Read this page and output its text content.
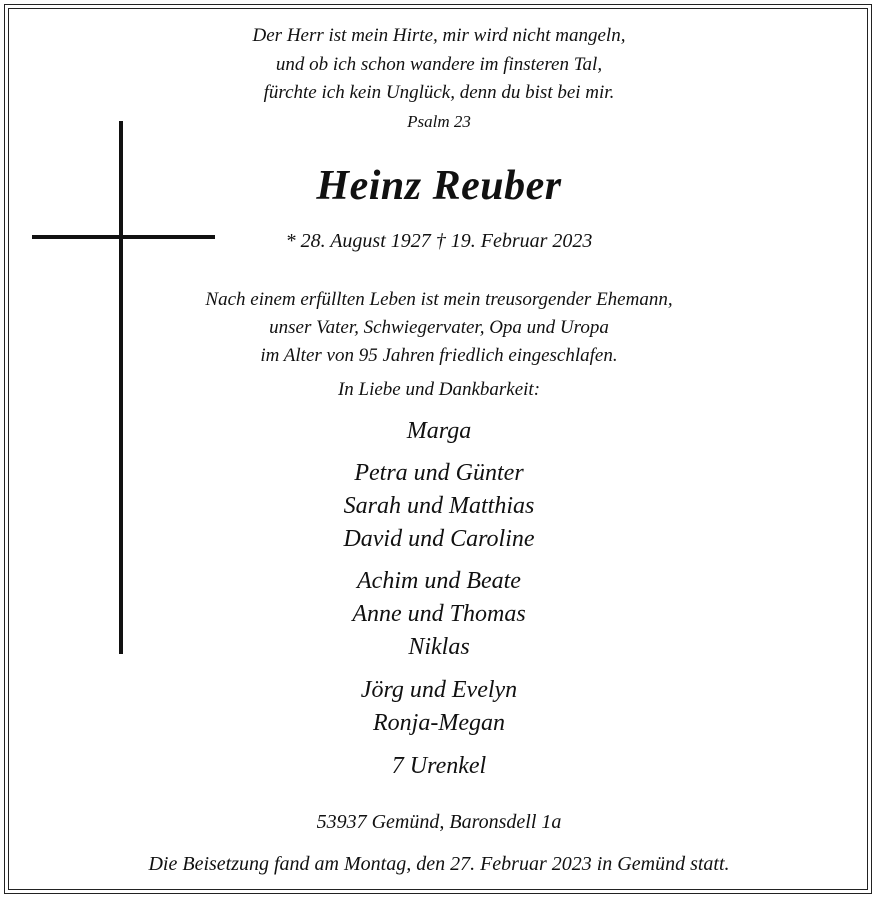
Der Herr ist mein Hirte, mir wird nicht mangeln,
und ob ich schon wandere im finsteren Tal,
fürchte ich kein Unglück, denn du bist bei mir.
Psalm 23
Heinz Reuber
* 28. August 1927 † 19. Februar 2023
Nach einem erfüllten Leben ist mein treusorgender Ehemann,
unser Vater, Schwiegervater, Opa und Uropa
im Alter von 95 Jahren friedlich eingeschlafen.
In Liebe und Dankbarkeit:
Marga
Petra und Günter
Sarah und Matthias
David und Caroline
Achim und Beate
Anne und Thomas
Niklas
Jörg und Evelyn
Ronja-Megan
7 Urenkel
53937 Gemünd, Baronsdell 1a
Die Beisetzung fand am Montag, den 27. Februar 2023 in Gemünd statt.
